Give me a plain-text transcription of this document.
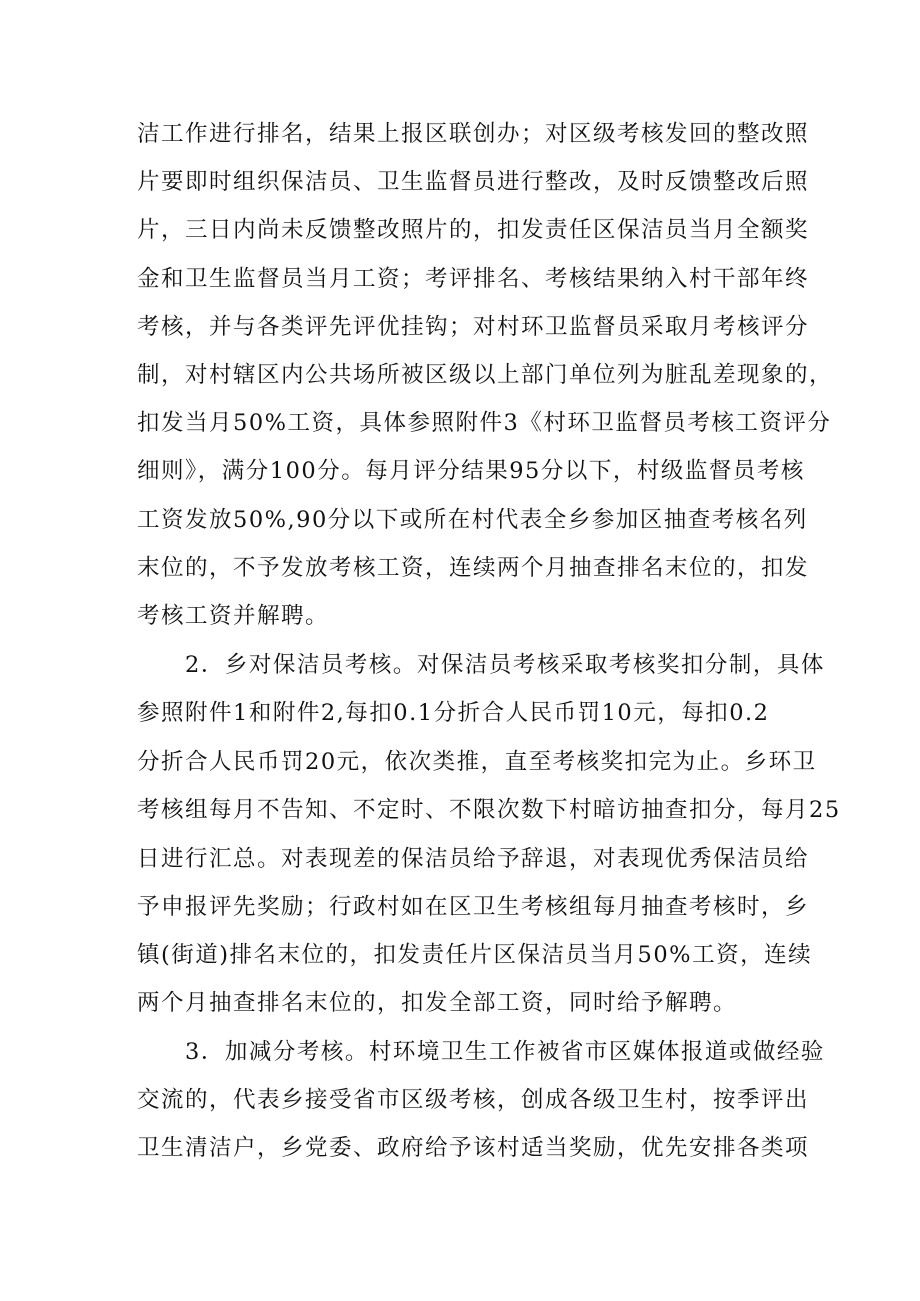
洁工作进行排名，结果上报区联创办；对区级考核发回的整改照
片要即时组织保洁员、卫生监督员进行整改，及时反馈整改后照
片，三日内尚未反馈整改照片的，扣发责任区保洁员当月全额奖
金和卫生监督员当月工资；考评排名、考核结果纳入村干部年终
考核，并与各类评先评优挂钩；对村环卫监督员采取月考核评分
制，对村辖区内公共场所被区级以上部门单位列为脏乱差现象的，
扣发当月50%工资，具体参照附件3《村环卫监督员考核工资评分
细则》，满分100分。每月评分结果95分以下，村级监督员考核
工资发放50%,90分以下或所在村代表全乡参加区抽查考核名列
末位的，不予发放考核工资，连续两个月抽查排名末位的，扣发
考核工资并解聘。
2．乡对保洁员考核。对保洁员考核采取考核奖扣分制，具体
参照附件1和附件2,每扣0.1分折合人民币罚10元，每扣0.2
分折合人民币罚20元，依次类推，直至考核奖扣完为止。乡环卫
考核组每月不告知、不定时、不限次数下村暗访抽查扣分，每月25
日进行汇总。对表现差的保洁员给予辞退，对表现优秀保洁员给
予申报评先奖励；行政村如在区卫生考核组每月抽查考核时，乡
镇(街道)排名末位的，扣发责任片区保洁员当月50%工资，连续
两个月抽查排名末位的，扣发全部工资，同时给予解聘。
3．加减分考核。村环境卫生工作被省市区媒体报道或做经验
交流的，代表乡接受省市区级考核，创成各级卫生村，按季评出
卫生清洁户，乡党委、政府给予该村适当奖励，优先安排各类项
